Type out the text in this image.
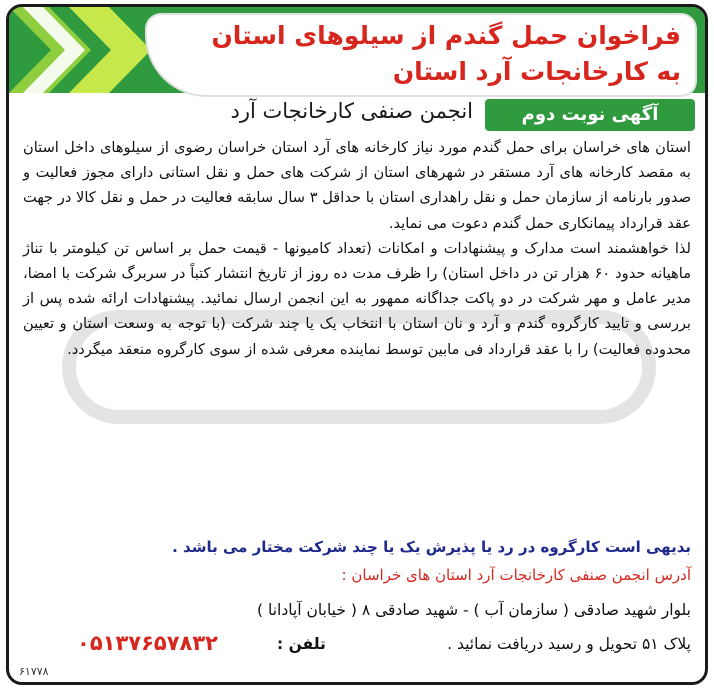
فراخوان حمل گندم از سیلوهای استان
به کارخانجات آرد استان
آگهی نوبت دوم
انجمن صنفی کارخانجات آرد

استان های خراسان برای حمل گندم مورد نیاز کارخانه های آرد استان خراسان رضوی از سیلوهای داخل استان به مقصد کارخانه های آرد مستقر در شهرهای استان از شرکت های حمل و نقل استانی دارای مجوز فعالیت و صدور بارنامه از سازمان حمل و نقل راهداری استان با حداقل ۳ سال سابقه فعالیت در حمل و نقل کالا در جهت عقد قرارداد پیمانکاری حمل گندم دعوت می نماید.

لذا خواهشمند است مدارک و پیشنهادات و امکانات (تعداد کامیونها - قیمت حمل بر اساس تن کیلومتر با تناژ ماهیانه حدود ۶۰ هزار تن در داخل استان) را ظرف مدت ده روز از تاریخ انتشار کتباً در سربرگ شرکت با امضا، مدیر عامل و مهر شرکت در دو پاکت جداگانه ممهور به این انجمن ارسال نمائید. پیشنهادات ارائه شده پس از بررسی و تایید کارگروه گندم و آرد و نان استان با انتخاب یک یا چند شرکت (با توجه به وسعت استان و تعیین محدوده فعالیت) را با عقد قرارداد فی مابین توسط نماینده معرفی شده از سوی کارگروه منعقد میگردد.

بدیهی است کارگروه در رد یا پذیرش یک یا چند شرکت مختار می باشد .
آدرس انجمن صنفی کارخانجات آرد استان های خراسان :
بلوار شهید صادقی ( سازمان آب ) - شهید صادقی ۸ ( خیابان آپادانا )
پلاک ۵۱ تحویل و رسید دریافت نمائید .
تلفن :
۰۵۱۳۷۶۵۷۸۳۲
۶۱۷۷۸
